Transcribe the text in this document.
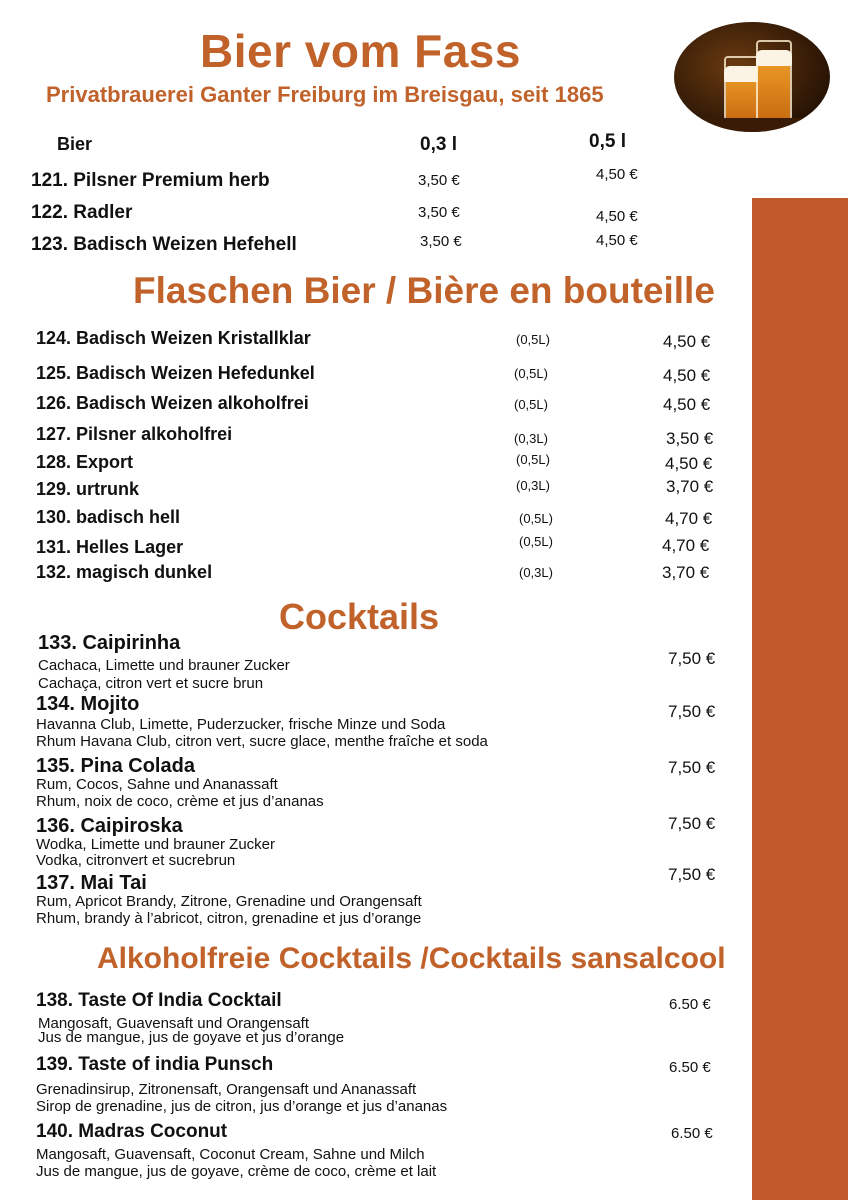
Bier vom Fass
Privatbrauerei Ganter Freiburg im Breisgau, seit 1865
Bier	0,3 l	0,5 l
121. Pilsner Premium herb	3,50 €	4,50 €
122. Radler	3,50 €	4,50 €
123. Badisch Weizen Hefehell	3,50 €	4,50 €
Flaschen Bier / Bière en bouteille
124. Badisch Weizen Kristallklar	(0,5L)	4,50 €
125. Badisch Weizen Hefedunkel	(0,5L)	4,50 €
126. Badisch Weizen alkoholfrei	(0,5L)	4,50 €
127. Pilsner alkoholfrei	(0,3L)	3,50 €
128. Export	(0,5L)	4,50 €
129. urtrunk	(0,3L)	3,70 €
130. badisch hell	(0,5L)	4,70 €
131. Helles Lager	(0,5L)	4,70 €
132. magisch dunkel	(0,3L)	3,70 €
Cocktails
133. Caipirinha
Cachaca, Limette und brauner Zucker
Cachaça, citron vert et sucre brun
7,50 €
134. Mojito
Havanna Club, Limette, Puderzucker, frische Minze und Soda
Rhum Havana Club, citron vert, sucre glace, menthe fraîche et soda
7,50 €
135. Pina Colada
Rum, Cocos, Sahne und Ananassaft
Rhum, noix de coco, crème et jus d’ananas
7,50 €
136. Caipiroska
Wodka, Limette und brauner Zucker
Vodka, citronvert et sucrebrun
7,50 €
137. Mai Tai
Rum, Apricot Brandy, Zitrone, Grenadine und Orangensaft
Rhum, brandy à l’abricot, citron, grenadine et jus d’orange
7,50 €
Alkoholfreie Cocktails /Cocktails sansalcool
138. Taste Of India Cocktail
Mangosaft, Guavensaft und Orangensaft
Jus de mangue, jus de goyave et jus d’orange
6.50 €
139. Taste of india Punsch
Grenadinsirup, Zitronensaft, Orangensaft und Ananassaft
Sirop de grenadine, jus de citron, jus d’orange et jus d’ananas
6.50 €
140. Madras Coconut
Mangosaft, Guavensaft, Coconut Cream, Sahne und Milch
Jus de mangue, jus de goyave, crème de coco, crème et lait
6.50 €
